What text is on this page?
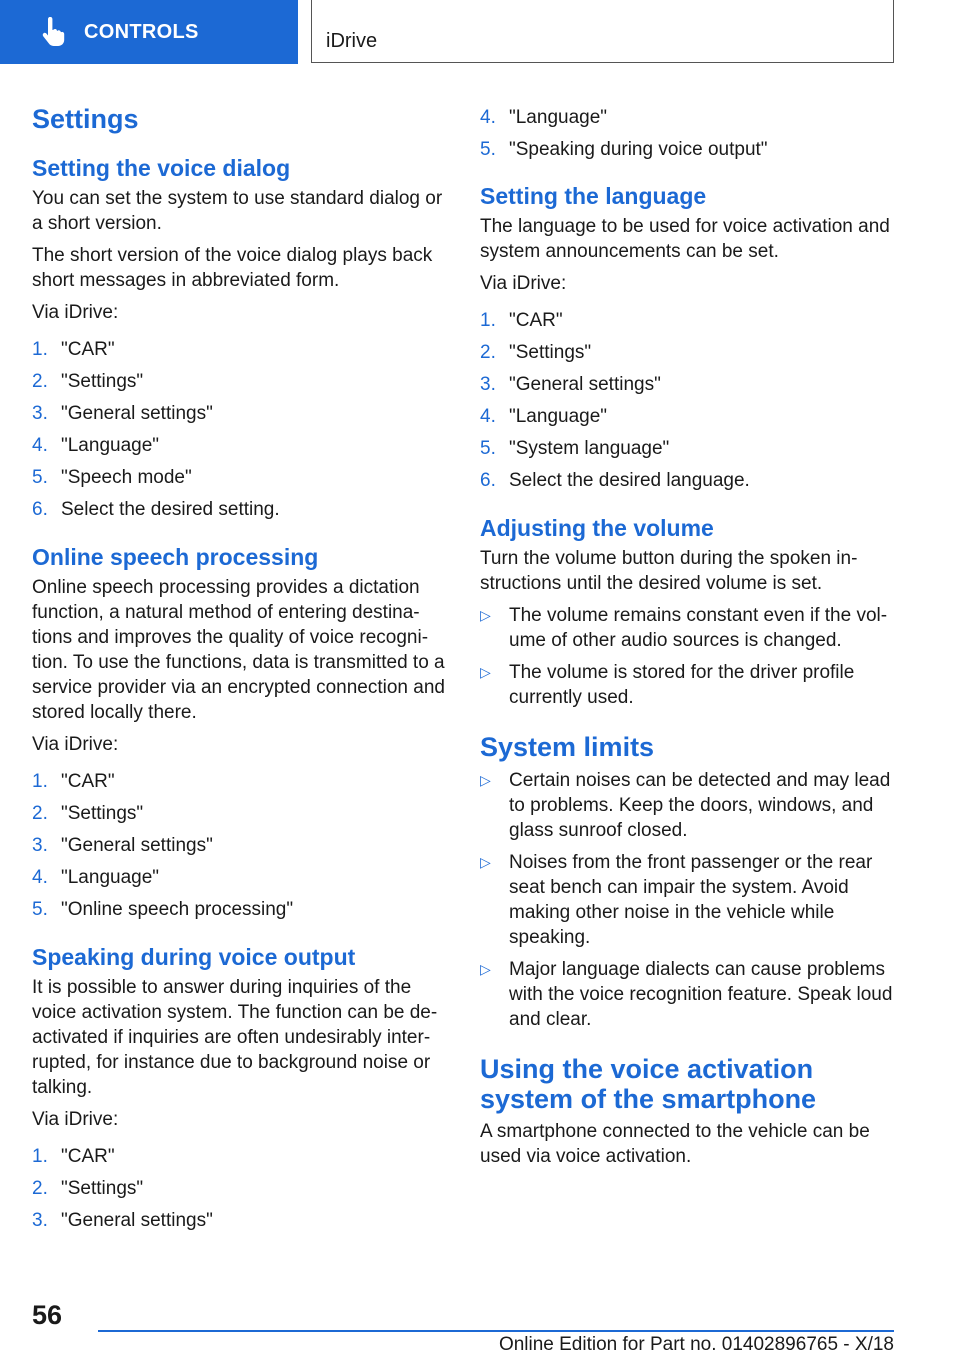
CONTROLS	iDrive
Settings
Setting the voice dialog

You can set the system to use standard dialog or a short version.

The short version of the voice dialog plays back short messages in abbreviated form.

Via iDrive:

1. "CAR"
2. "Settings"
3. "General settings"
4. "Language"
5. "Speech mode"
6. Select the desired setting.
Online speech processing

Online speech processing provides a dictation function, a natural method of entering destina-tions and improves the quality of voice recogni-tion. To use the functions, data is transmitted to a service provider via an encrypted connection and stored locally there.

Via iDrive:

1. "CAR"
2. "Settings"
3. "General settings"
4. "Language"
5. "Online speech processing"
Speaking during voice output

It is possible to answer during inquiries of the voice activation system. The function can be de-activated if inquiries are often undesirably inter-rupted, for instance due to background noise or talking.

Via iDrive:

1. "CAR"
2. "Settings"
3. "General settings"
4. "Language"
5. "Speaking during voice output"
Setting the language

The language to be used for voice activation and system announcements can be set.

Via iDrive:

1. "CAR"
2. "Settings"
3. "General settings"
4. "Language"
5. "System language"
6. Select the desired language.
Adjusting the volume

Turn the volume button during the spoken in-structions until the desired volume is set.

▷ The volume remains constant even if the vol-ume of other audio sources is changed.
▷ The volume is stored for the driver profile currently used.
System limits
▷ Certain noises can be detected and may lead to problems. Keep the doors, windows, and glass sunroof closed.
▷ Noises from the front passenger or the rear seat bench can impair the system. Avoid making other noise in the vehicle while speaking.
▷ Major language dialects can cause problems with the voice recognition feature. Speak loud and clear.
Using the voice activation system of the smartphone

A smartphone connected to the vehicle can be used via voice activation.

56
Online Edition for Part no. 01402896765 - X/18
